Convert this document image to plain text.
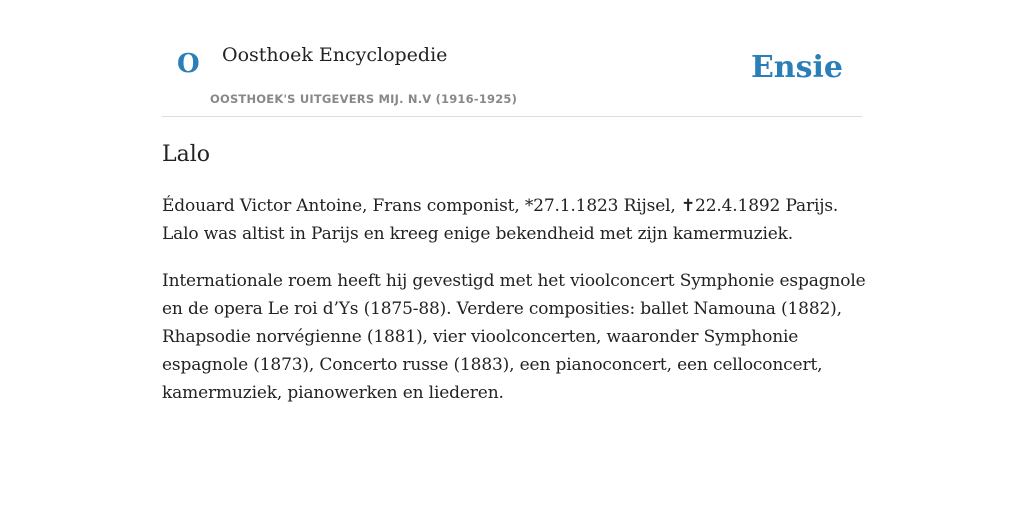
O Oosthoek Encyclopedie
OOSTHOEK'S UITGEVERS MIJ. N.V (1916-1925)
Ensie
Lalo

Édouard Victor Antoine, Frans componist, *27.1.1823 Rijsel, ✝22.4.1892 Parijs.
Lalo was altist in Parijs en kreeg enige bekendheid met zijn kamermuziek.

Internationale roem heeft hij gevestigd met het vioolconcert Symphonie espagnole
en de opera Le roi d’Ys (1875-88). Verdere composities: ballet Namouna (1882),
Rhapsodie norvégienne (1881), vier vioolconcerten, waaronder Symphonie
espagnole (1873), Concerto russe (1883), een pianoconcert, een celloconcert,
kamermuziek, pianowerken en liederen.
